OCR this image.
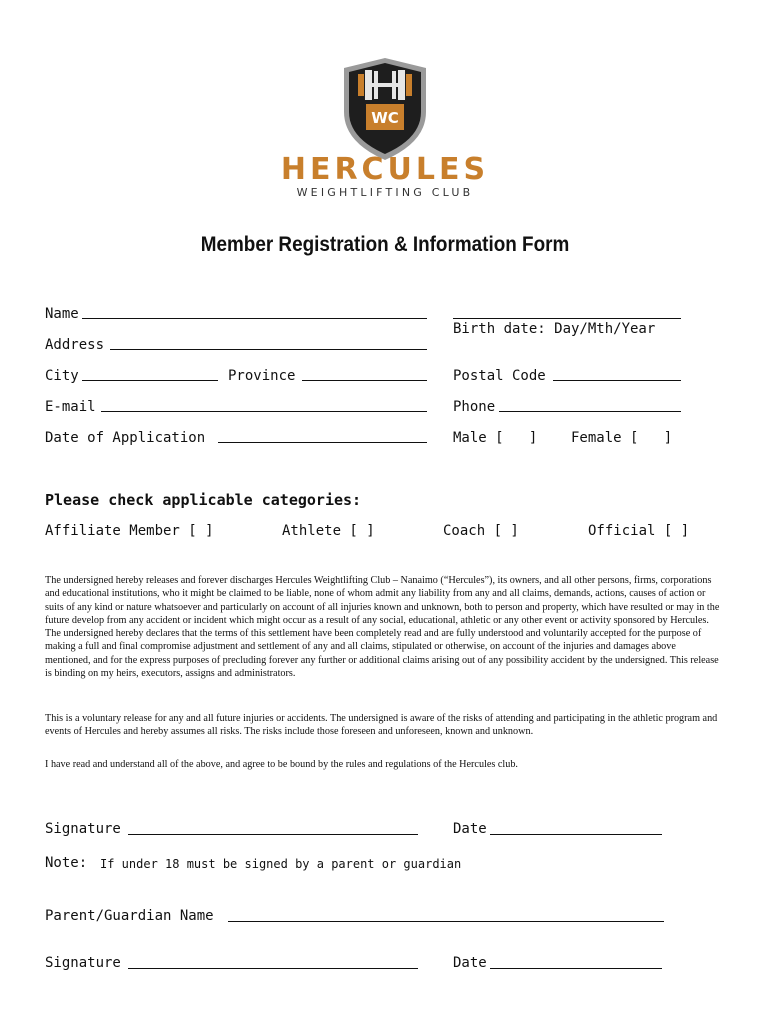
WC
HERCULES
WEIGHTLIFTING CLUB
Member Registration & Information Form
Name
Birth date: Day/Mth/Year
Address
City	Province	Postal Code
E-mail	Phone
Date of Application	Male [   ] Female [   ]
Please check applicable categories:
Affiliate Member [ ]	Athlete [ ]	Coach [ ]	Official [ ]
The undersigned hereby releases and forever discharges Hercules Weightlifting Club – Nanaimo (“Hercules”), its owners, and all other persons, firms, corporations and educational institutions, who it might be claimed to be liable, none of whom admit any liability from any and all claims, demands, actions, causes of action or suits of any kind or nature whatsoever and particularly on account of all injuries known and unknown, both to person and property, which have resulted or may in the future develop from any accident or incident which might occur as a result of any social, educational, athletic or any other event or activity sponsored by Hercules. The undersigned hereby declares that the terms of this settlement have been completely read and are fully understood and voluntarily accepted for the purpose of making a full and final compromise adjustment and settlement of any and all claims, stipulated or otherwise, on account of the injuries and damages above mentioned, and for the express purposes of precluding forever any further or additional claims arising out of any possibility accident by the undersigned. This release is binding on my heirs, executors, assigns and administrators.
This is a voluntary release for any and all future injuries or accidents. The undersigned is aware of the risks of attending and participating in the athletic program and events of Hercules and hereby assumes all risks. The risks include those foreseen and unforeseen, known and unknown.
I have read and understand all of the above, and agree to be bound by the rules and regulations of the Hercules club.
Signature	Date
Note: If under 18 must be signed by a parent or guardian
Parent/Guardian Name
Signature	Date
